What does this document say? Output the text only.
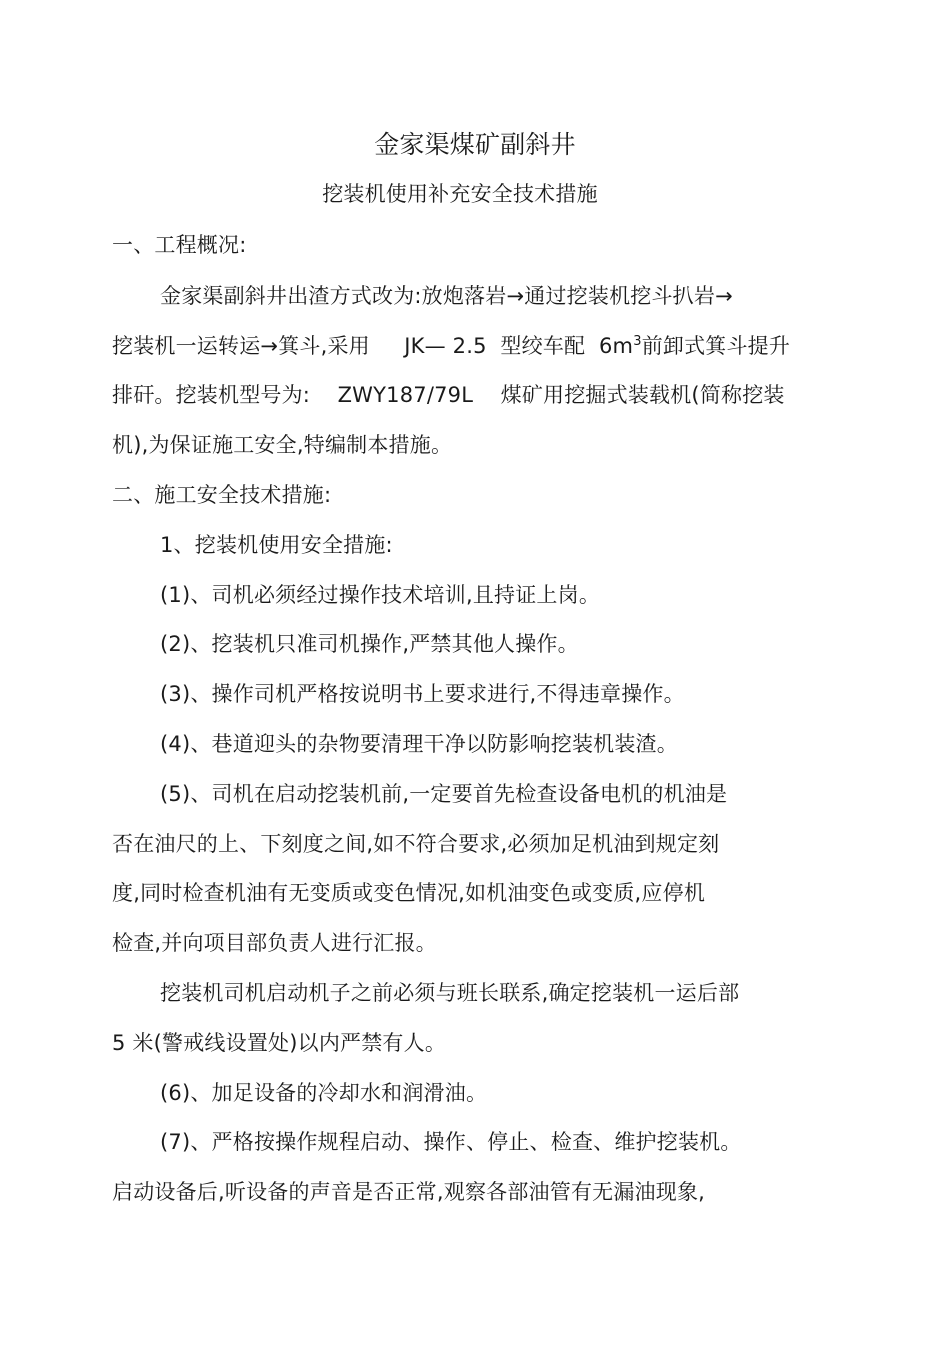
金家渠煤矿副斜井
挖装机使用补充安全技术措施
一、工程概况:
金家渠副斜井出渣方式改为:放炮落岩→通过挖装机挖斗扒岩→
挖装机一运转运→箕斗,采用     JK— 2.5  型绞车配  $6m^3$前卸式箕斗提升
排矸。挖装机型号为:    ZWY187/79L    煤矿用挖掘式装载机(简称挖装
机),为保证施工安全,特编制本措施。
二、施工安全技术措施:
1、挖装机使用安全措施:
(1)、司机必须经过操作技术培训,且持证上岗。
(2)、挖装机只准司机操作,严禁其他人操作。
(3)、操作司机严格按说明书上要求进行,不得违章操作。
(4)、巷道迎头的杂物要清理干净以防影响挖装机装渣。
(5)、司机在启动挖装机前,一定要首先检查设备电机的机油是
否在油尺的上、下刻度之间,如不符合要求,必须加足机油到规定刻
度,同时检查机油有无变质或变色情况,如机油变色或变质,应停机
检查,并向项目部负责人进行汇报。
挖装机司机启动机子之前必须与班长联系,确定挖装机一运后部
5 米(警戒线设置处)以内严禁有人。
(6)、加足设备的冷却水和润滑油。
(7)、严格按操作规程启动、操作、停止、检查、维护挖装机。
启动设备后,听设备的声音是否正常,观察各部油管有无漏油现象,
